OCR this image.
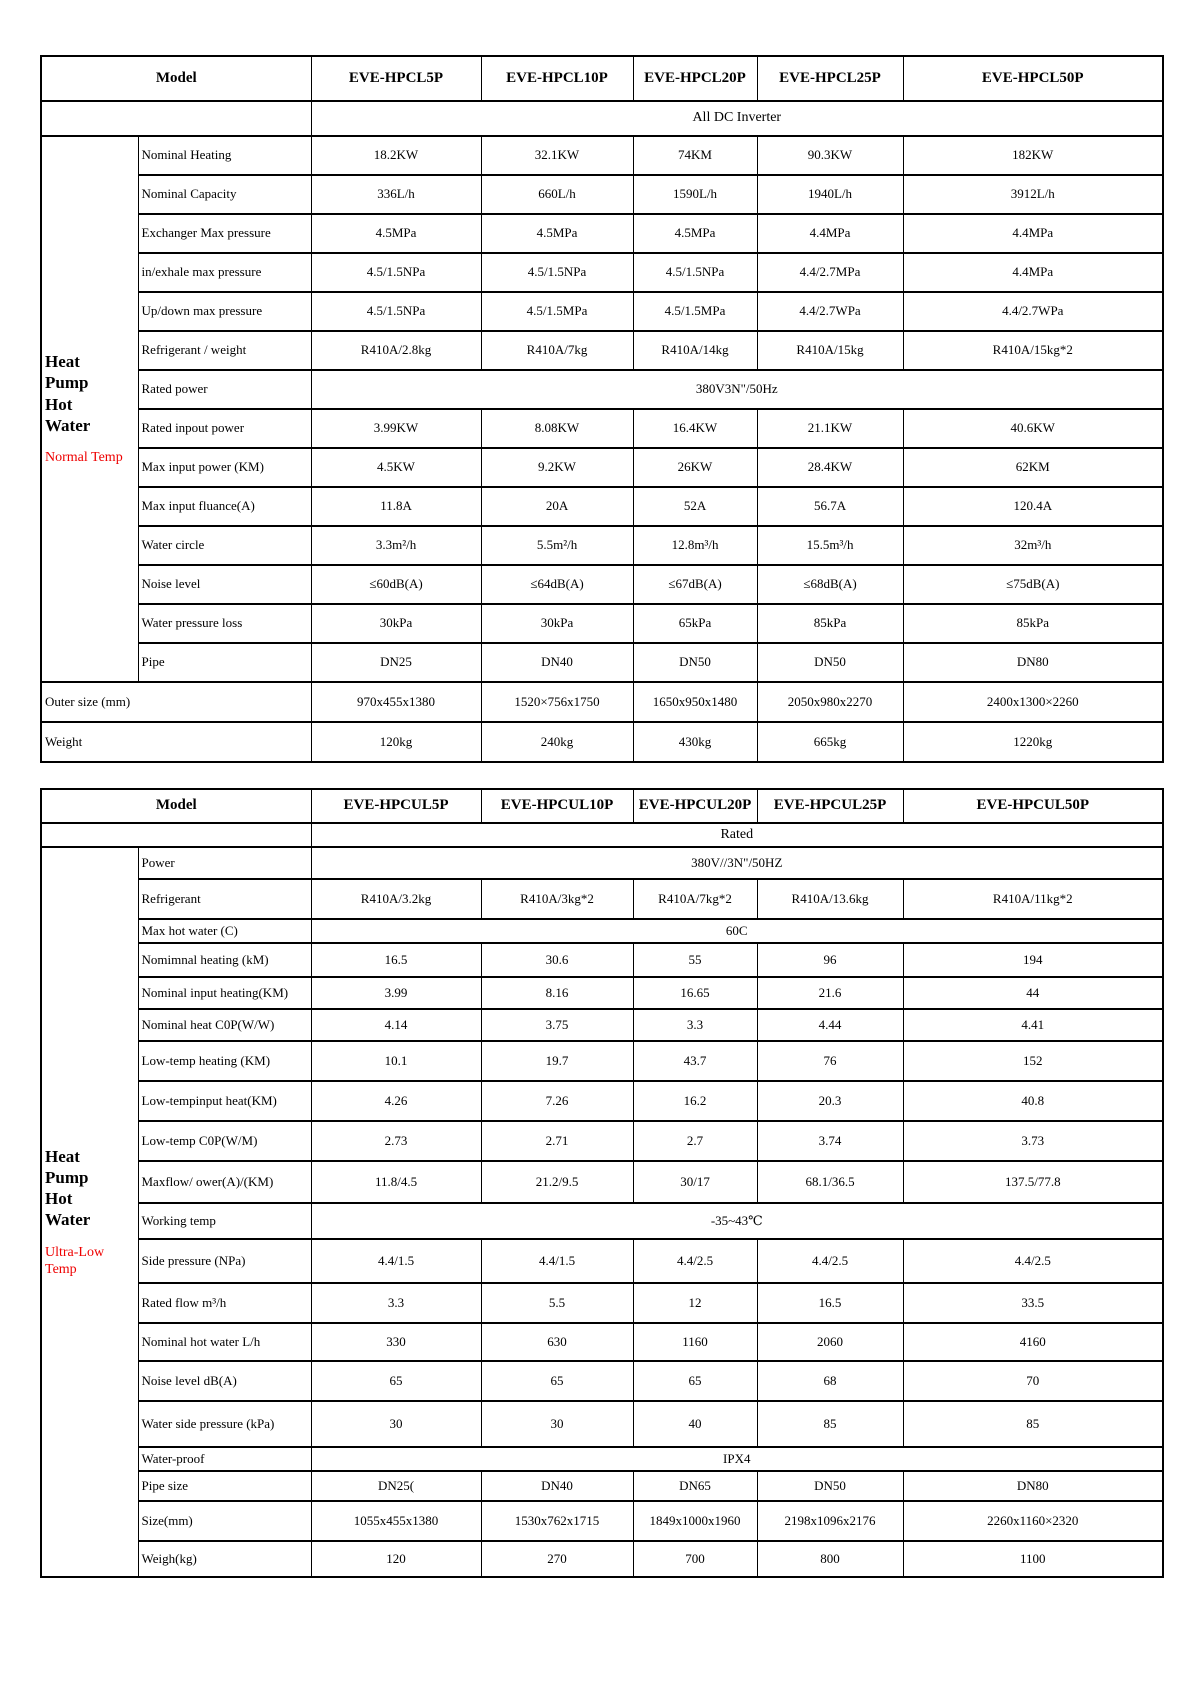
Model		EVE-HPCL5P	EVE-HPCL10P	EVE-HPCL20P	EVE-HPCL25P	EVE-HPCL50P
		All DC Inverter				

Heat
Pump
Hot
Water
Normal Temp	Nominal Heating	18.2KW	32.1KW	74KM	90.3KW	182KW
	Nominal Capacity	336L/h	660L/h	1590L/h	1940L/h	3912L/h
	Exchanger Max pressure	4.5MPa	4.5MPa	4.5MPa	4.4MPa	4.4MPa
	in/exhale max pressure	4.5/1.5NPa	4.5/1.5NPa	4.5/1.5NPa	4.4/2.7MPa	4.4MPa
	Up/down max pressure	4.5/1.5NPa	4.5/1.5MPa	4.5/1.5MPa	4.4/2.7WPa	4.4/2.7WPa
	Refrigerant / weight	R410A/2.8kg	R410A/7kg	R410A/14kg	R410A/15kg	R410A/15kg*2
	Rated power	380V3N"/50Hz				
	Rated inpout power	3.99KW	8.08KW	16.4KW	21.1KW	40.6KW
	Max input power (KM)	4.5KW	9.2KW	26KW	28.4KW	62KM
	Max input fluance(A)	11.8A	20A	52A	56.7A	120.4A
	Water circle	3.3m²/h	5.5m²/h	12.8m³/h	15.5m³/h	32m³/h
	Noise level	≤60dB(A)	≤64dB(A)	≤67dB(A)	≤68dB(A)	≤75dB(A)
	Water pressure loss	30kPa	30kPa	65kPa	85kPa	85kPa
	Pipe	DN25	DN40	DN50	DN50	DN80
Outer size (mm)		970x455x1380	1520×756x1750	1650x950x1480	2050x980x2270	2400x1300×2260
Weight		120kg	240kg	430kg	665kg	1220kg
Model		EVE-HPCUL5P	EVE-HPCUL10P	EVE-HPCUL20P	EVE-HPCUL25P	EVE-HPCUL50P
		Rated				

Heat
Pump
Hot
Water
Ultra-Low Temp	Power	380V//3N"/50HZ				
	Refrigerant	R410A/3.2kg	R410A/3kg*2	R410A/7kg*2	R410A/13.6kg	R410A/11kg*2
	Max hot water (C)	60C				
	Nomimnal heating (kM)	16.5	30.6	55	96	194
	Nominal input heating(KM)	3.99	8.16	16.65	21.6	44
	Nominal heat C0P(W/W)	4.14	3.75	3.3	4.44	4.41
	Low-temp heating (KM)	10.1	19.7	43.7	76	152
	Low-tempinput heat(KM)	4.26	7.26	16.2	20.3	40.8
	Low-temp C0P(W/M)	2.73	2.71	2.7	3.74	3.73
	Maxflow/ ower(A)/(KM)	11.8/4.5	21.2/9.5	30/17	68.1/36.5	137.5/77.8
	Working temp	-35~43℃				
	Side pressure (NPa)	4.4/1.5	4.4/1.5	4.4/2.5	4.4/2.5	4.4/2.5
	Rated flow m³/h	3.3	5.5	12	16.5	33.5
	Nominal hot water L/h	330	630	1160	2060	4160
	Noise level dB(A)	65	65	65	68	70
	Water side pressure (kPa)	30	30	40	85	85
	Water-proof	IPX4				
	Pipe size	DN25(	DN40	DN65	DN50	DN80
	Size(mm)	1055x455x1380	1530x762x1715	1849x1000x1960	2198x1096x2176	2260x1160×2320
	Weigh(kg)	120	270	700	800	1100
